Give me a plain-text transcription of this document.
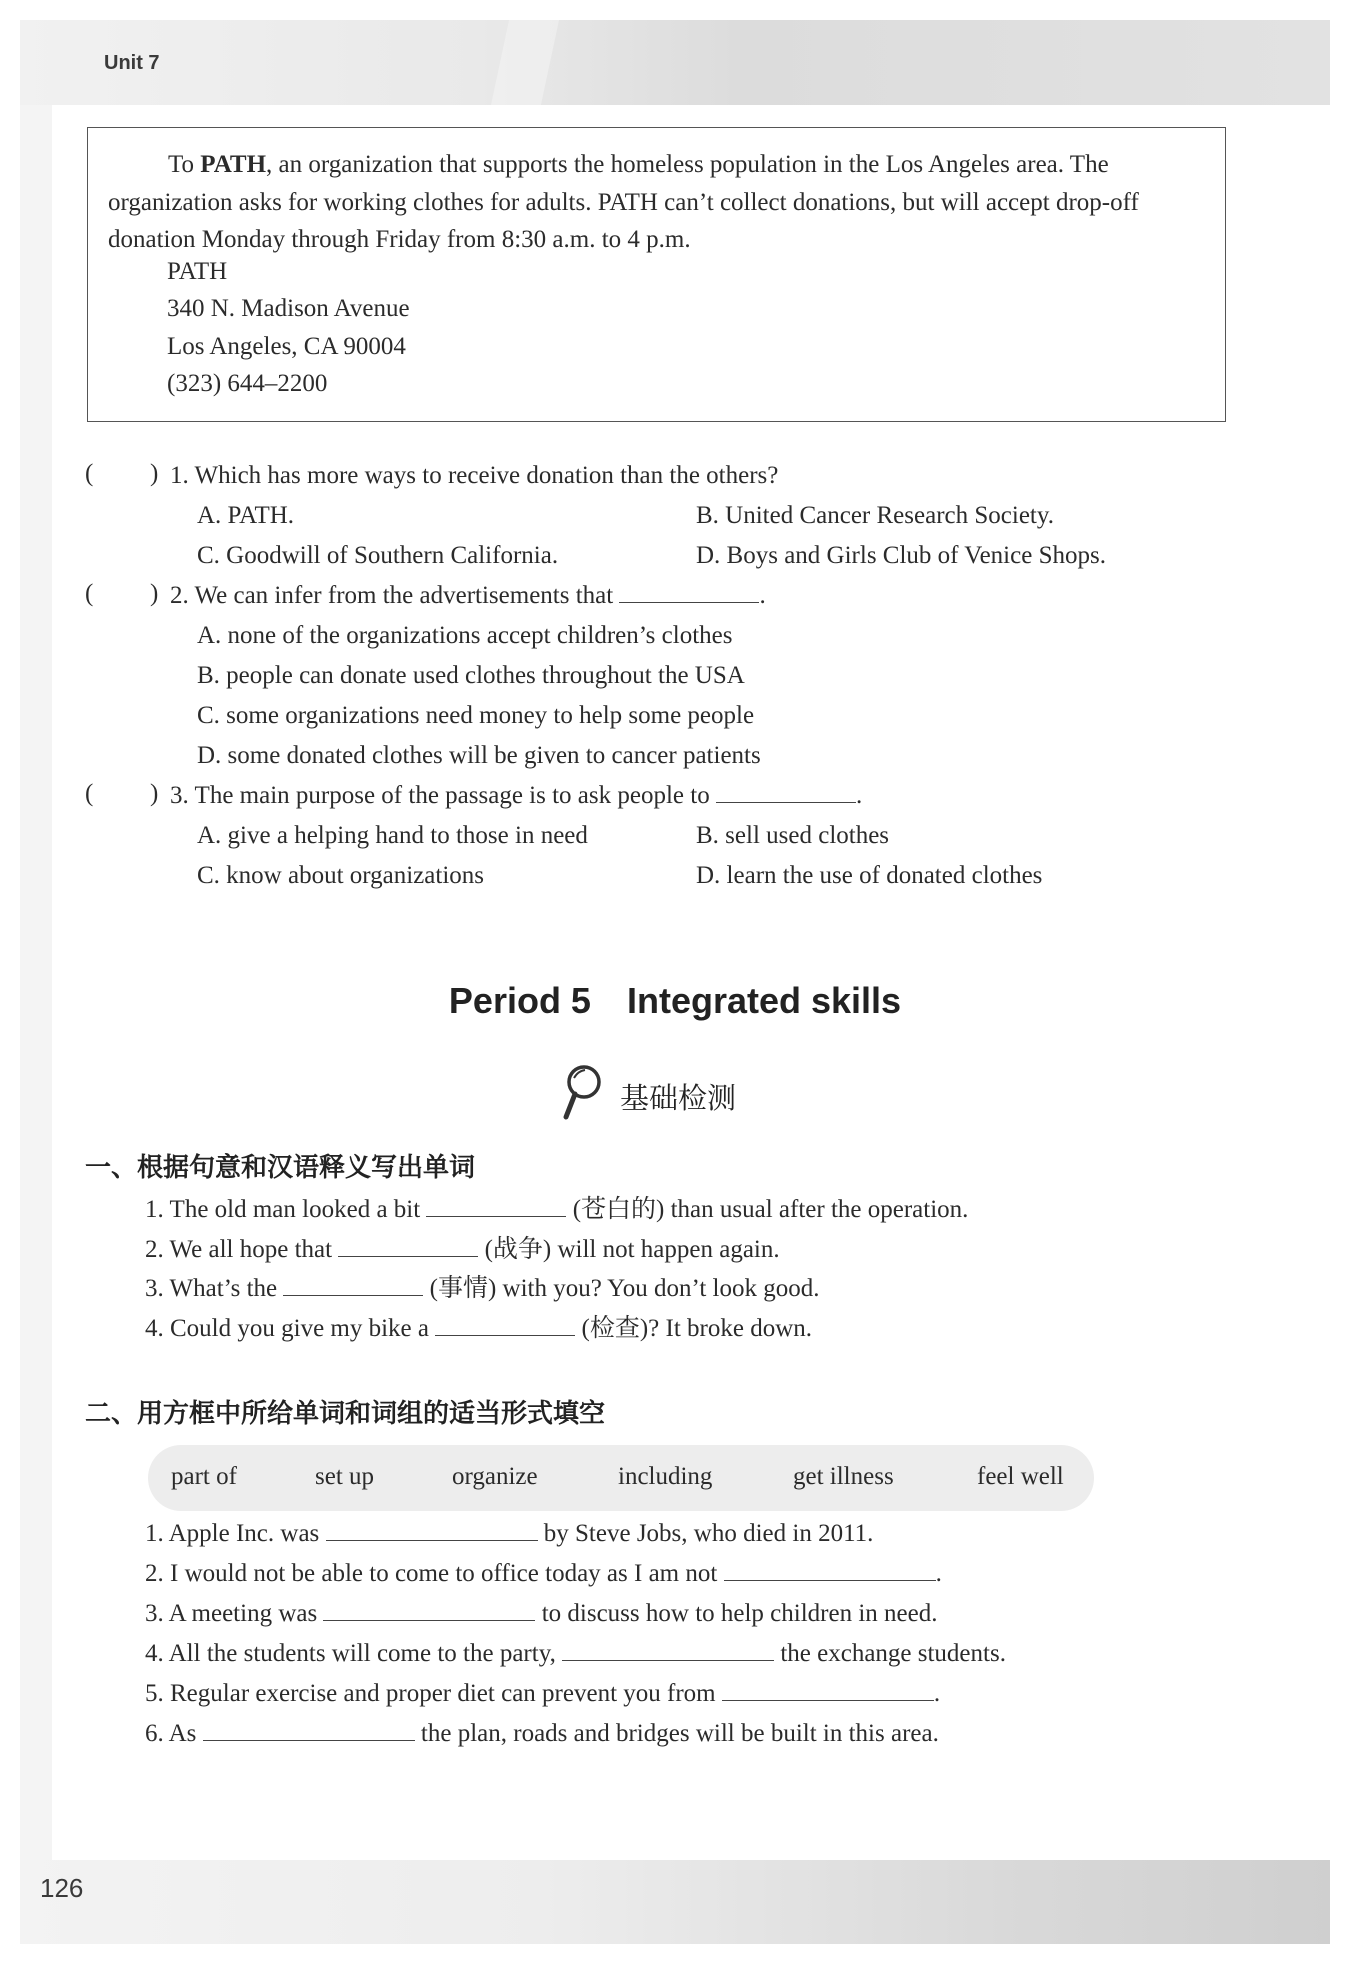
Unit 7
126
To PATH, an organization that supports the homeless population in the Los Angeles area. The organization asks for working clothes for adults. PATH can’t collect donations, but will accept drop-off donation Monday through Friday from 8:30 a.m. to 4 p.m.
PATH
340 N. Madison Avenue
Los Angeles, CA 90004
(323) 644–2200
( ) 1. Which has more ways to receive donation than the others?
A. PATH.	B. United Cancer Research Society.
C. Goodwill of Southern California.	D. Boys and Girls Club of Venice Shops.
( ) 2. We can infer from the advertisements that	.
A. none of the organizations accept children’s clothes
B. people can donate used clothes throughout the USA
C. some organizations need money to help some people
D. some donated clothes will be given to cancer patients
( ) 3. The main purpose of the passage is to ask people to	.
A. give a helping hand to those in need	B. sell used clothes
C. know about organizations	D. learn the use of donated clothes
Period 5 Integrated skills
基础检测
一、根据句意和汉语释义写出单词
1. The old man looked a bit	(苍白的) than usual after the operation.
2. We all hope that	(战争) will not happen again.
3. What’s the	(事情) with you? You don’t look good.
4. Could you give my bike a	(检查)? It broke down.
二、用方框中所给单词和词组的适当形式填空
part of	set up	organize	including	get illness	feel well
1. Apple Inc. was	by Steve Jobs, who died in 2011.
2. I would not be able to come to office today as I am not	.
3. A meeting was	to discuss how to help children in need.
4. All the students will come to the party,	the exchange students.
5. Regular exercise and proper diet can prevent you from	.
6. As	the plan, roads and bridges will be built in this area.
